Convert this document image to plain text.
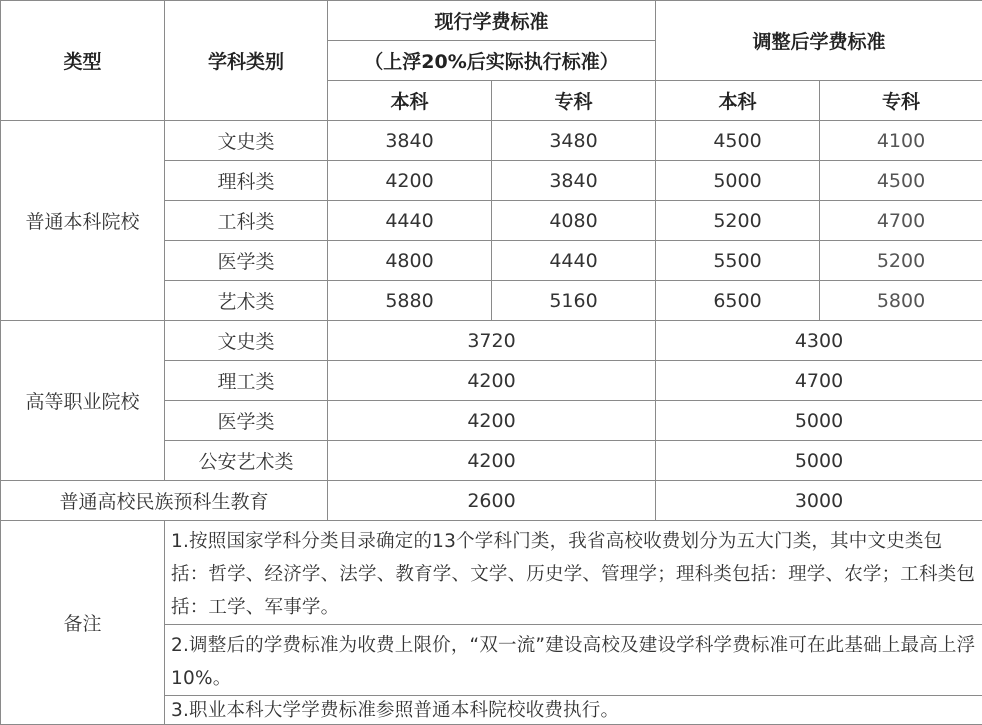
类型	学科类别	现行学费标准		调整后学费标准	
		（上浮20%后实际执行标准）			
		本科	专科	本科	专科
普通本科院校	文史类	3840	3480	4500	4100
	理科类	4200	3840	5000	4500
	工科类	4440	4080	5200	4700
	医学类	4800	4440	5500	5200
	艺术类	5880	5160	6500	5800
高等职业院校	文史类	3720		4300	
	理工类	4200		4700	
	医学类	4200		5000	
	公安艺术类	4200		5000	
普通高校民族预科生教育		2600		3000	
备注	1.按照国家学科分类目录确定的13个学科门类，我省高校收费划分为五大门类，其中文史类包括：哲学、经济学、法学、教育学、文学、历史学、管理学；理科类包括：理学、农学；工科类包括：工学、军事学。				
	2.调整后的学费标准为收费上限价，“双一流”建设高校及建设学科学费标准可在此基础上最高上浮10%。				
	3.职业本科大学学费标准参照普通本科院校收费执行。				
